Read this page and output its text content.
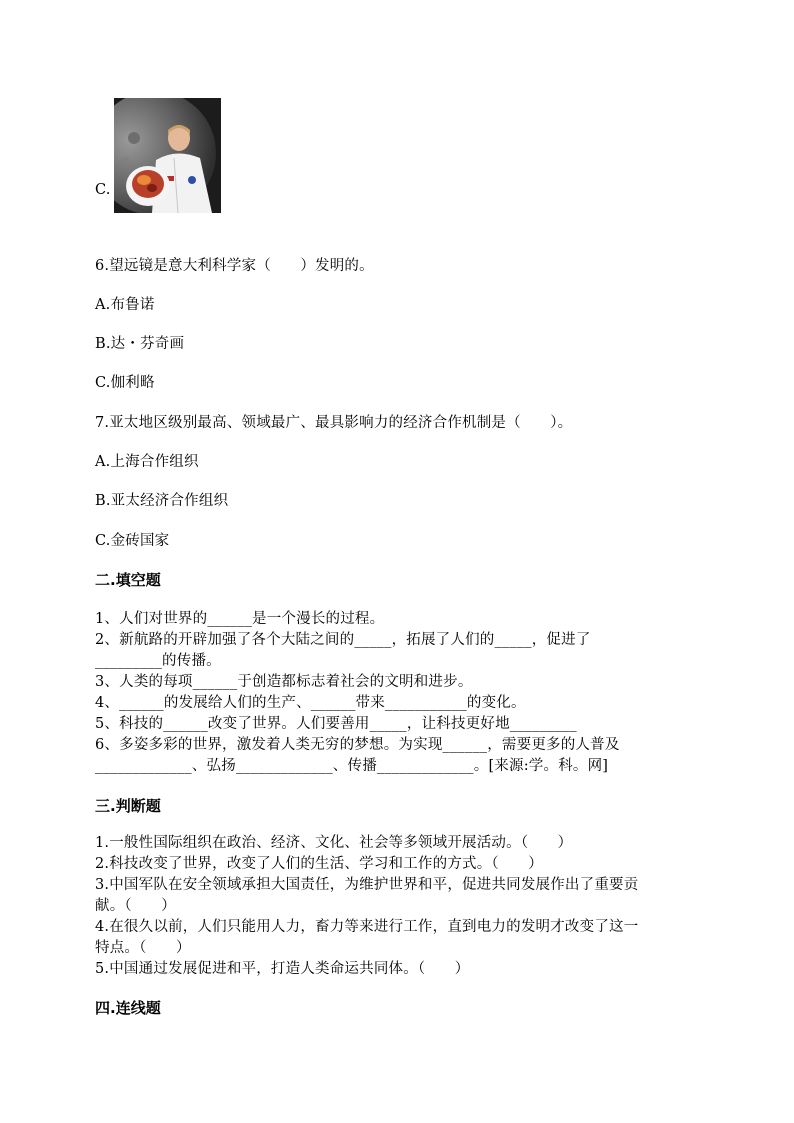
C.
6.望远镜是意大利科学家（　　）发明的。
A.布鲁诺
B.达・芬奇画
C.伽利略
7.亚太地区级别最高、领域最广、最具影响力的经济合作机制是（　　）。
A.上海合作组织
B.亚太经济合作组织
C.金砖国家
二.填空题
1、人们对世界的______是一个漫长的过程。
2、新航路的开辟加强了各个大陆之间的_____，拓展了人们的_____，促进了
_________的传播。
3、人类的每项______于创造都标志着社会的文明和进步。
4、______的发展给人们的生产、______带来___________的变化。
5、科技的______改变了世界。人们要善用_____，让科技更好地_________
6、多姿多彩的世界，激发着人类无穷的梦想。为实现______，需要更多的人普及
_____________、弘扬_____________、传播_____________。[来源:学。科。网]
三.判断题
1.一般性国际组织在政治、经济、文化、社会等多领域开展活动。（　　）
2.科技改变了世界，改变了人们的生活、学习和工作的方式。（　　）
3.中国军队在安全领域承担大国责任，为维护世界和平，促进共同发展作出了重要贡
献。（　　）
4.在很久以前，人们只能用人力，畜力等来进行工作，直到电力的发明才改变了这一
特点。（　　）
5.中国通过发展促进和平，打造人类命运共同体。（　　）
四.连线题
